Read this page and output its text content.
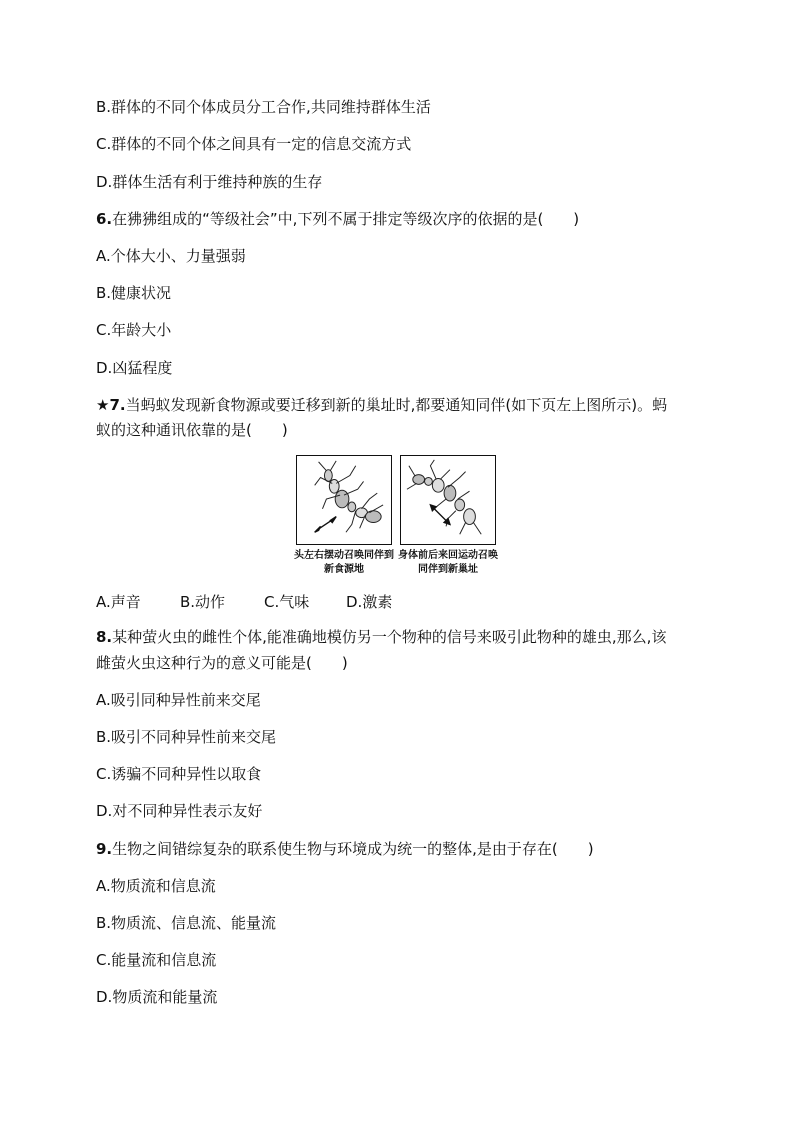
B.群体的不同个体成员分工合作,共同维持群体生活
C.群体的不同个体之间具有一定的信息交流方式
D.群体生活有利于维持种族的生存
6.在狒狒组成的“等级社会”中,下列不属于排定等级次序的依据的是(　　)
A.个体大小、力量强弱
B.健康状况
C.年龄大小
D.凶猛程度
★7.当蚂蚁发现新食物源或要迁移到新的巢址时,都要通知同伴(如下页左上图所示)。蚂
蚁的这种通讯依靠的是(　　)
头左右摆动召唤同伴到新食源地
身体前后来回运动召唤同伴到新巢址
A.声音	B.动作	C.气味 D.激素
8.某种萤火虫的雌性个体,能准确地模仿另一个物种的信号来吸引此物种的雄虫,那么,该
雌萤火虫这种行为的意义可能是(　　)
A.吸引同种异性前来交尾
B.吸引不同种异性前来交尾
C.诱骗不同种异性以取食
D.对不同种异性表示友好
9.生物之间错综复杂的联系使生物与环境成为统一的整体,是由于存在(　　)
A.物质流和信息流
B.物质流、信息流、能量流
C.能量流和信息流
D.物质流和能量流
